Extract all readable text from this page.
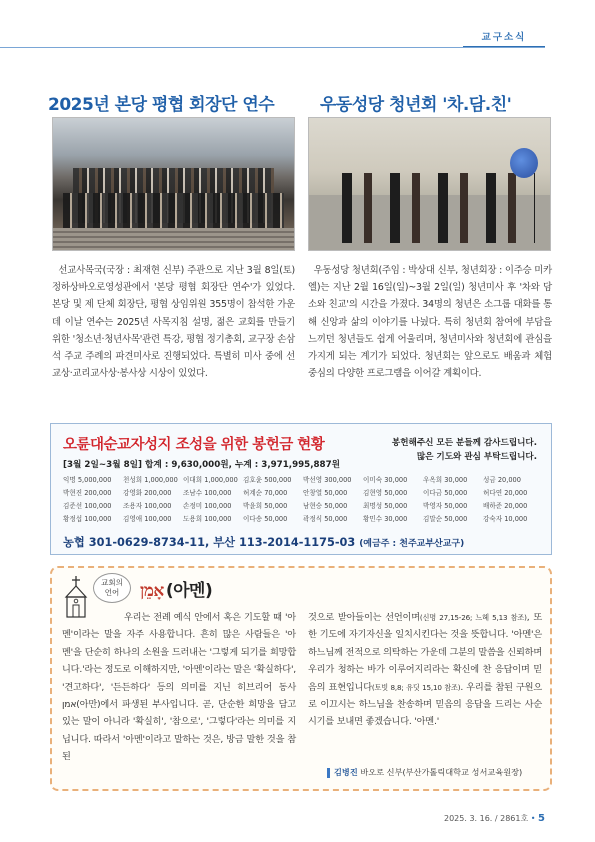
교구소식
2025년 본당 평협 회장단 연수
선교사목국(국장 : 최재현 신부) 주관으로 지난 3월 8일(토) 정하상바오로영성관에서 '본당 평협 회장단 연수'가 있었다. 본당 및 제 단체 회장단, 평협 상임위원 355명이 참석한 가운데 이날 연수는 2025년 사목지침 설명, 젊은 교회를 만들기 위한 '청소년·청년사목'관련 특강, 평협 정기총회, 교구장 손삼석 주교 주례의 파견미사로 진행되었다. 특별히 미사 중에 선교상·교리교사상·봉사상 시상이 있었다.
우동성당 청년회 '차.담.친'
우동성당 청년회(주임 : 박상대 신부, 청년회장 : 이주승 미카엘)는 지난 2월 16일(일)~3월 2일(일) 청년미사 후 '차와 담소와 친교'의 시간을 가졌다. 34명의 청년은 소그룹 대화를 통해 신앙과 삶의 이야기를 나눴다. 특히 청년회 참여에 부담을 느끼던 청년들도 쉽게 어울리며, 청년미사와 청년회에 관심을 가지게 되는 계기가 되었다. 청년회는 앞으로도 배움과 체험 중심의 다양한 프로그램을 이어갈 계획이다.
오륜대순교자성지 조성을 위한 봉헌금 현황	봉헌해주신 모든 분들께 감사드립니다.
많은 기도와 관심 부탁드립니다.
[3월 2일~3월 8일] 합계 : 9,630,000원, 누계 : 3,971,995,887원
익명 5,000,000	천성희 1,000,000 이대희 1,000,000 김호윤 500,000	박선영 300,000	이미숙 30,000	우옥희 30,000	성금 20,000
박현진 200,000	강영화 200,000	조남수 100,000	허계순 70,000	안창열 50,000	김현영 50,000	이다금 50,000	허다연 20,000
김준선 100,000	조용자 100,000	손정미 100,000	박윤희 50,000	남현승 50,000	최명성 50,000	박영자 50,000	배하준 20,000
황정섭 100,000	김영애 100,000	도용희 100,000	이다송 50,000	곽정식 50,000	황민수 30,000	김말순 50,000	강숙자 10,000
농협 301-0629-8734-11, 부산 113-2014-1175-03 (예금주 : 천주교부산교구)
교회의
언어	אָמֵן (아멘)
우리는 전례 예식 안에서 혹은 기도할 때 '아멘'이라는 말을 자주 사용합니다. 흔히 많은 사람들은 '아멘'을 단순히 하나의 소원을 드러내는 '그렇게 되기를 희망합니다.'라는 정도로 이해하지만, '아멘'이라는 말은 '확실하다', '견고하다', '든든하다' 등의 의미를 지닌 히브리어 동사 אמן(아만)에서 파생된 부사입니다. 곧, 단순한 희망을 담고 있는 말이 아니라 '확실히', '참으로', '그렇다'라는 의미를 지닙니다. 따라서 '아멘'이라고 말하는 것은, 방금 말한 것을 참된
것으로 받아들이는 선언이며(신명 27,15-26; 느헤 5,13 참조), 또한 기도에 자기자신을 일치시킨다는 것을 뜻합니다. '아멘'은 하느님께 전적으로 의탁하는 가운데 그분의 말씀을 신뢰하며 우리가 청하는 바가 이루어지리라는 확신에 찬 응답이며 믿음의 표현입니다(토빗 8,8; 유딧 15,10 참조). 우리를 참된 구원으로 이끄시는 하느님을 찬송하며 믿음의 응답을 드리는 사순 시기를 보내면 좋겠습니다. '아멘.'
김병진 바오로 신부(부산가톨릭대학교 성서교육원장)
2025. 3. 16. / 2861호 • 5
